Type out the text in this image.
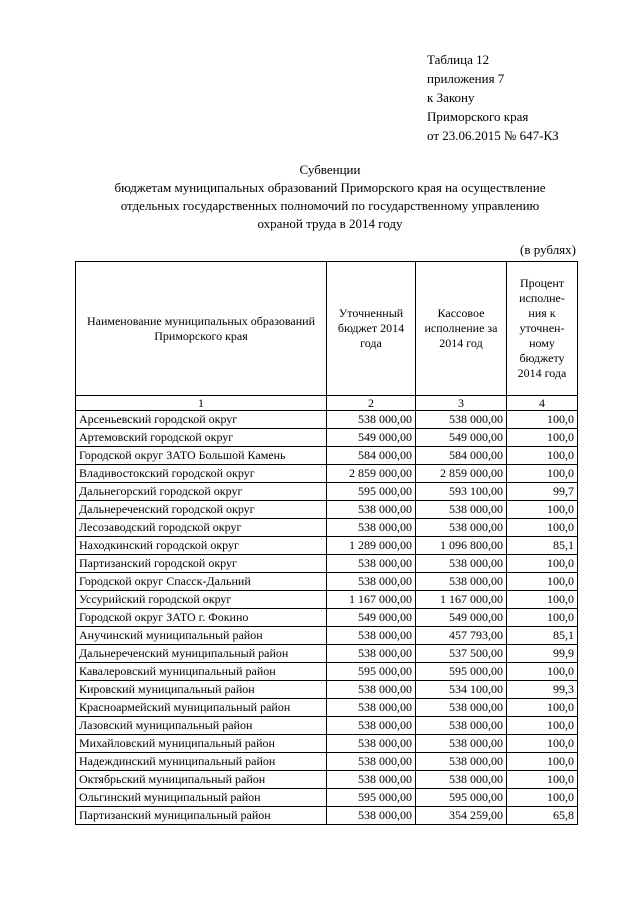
Таблица 12
приложения 7
к Закону
Приморского края
от 23.06.2015 № 647-КЗ
Субвенции
бюджетам муниципальных образований Приморского края на осуществление
отдельных государственных полномочий по государственному управлению
охраной труда в 2014 году
(в рублях)
Наименование муниципальных образований Приморского края	Уточненный бюджет 2014 года	Кассовое исполнение за 2014 год	Процент исполне-ния к уточнен-ному бюджету 2014 года
1	2	3	4
Арсеньевский городской округ	538 000,00	538 000,00	100,0
Артемовский городской округ	549 000,00	549 000,00	100,0
Городской округ ЗАТО Большой Камень	584 000,00	584 000,00	100,0
Владивостокский городской округ	2 859 000,00	2 859 000,00	100,0
Дальнегорский городской округ	595 000,00	593 100,00	99,7
Дальнереченский городской округ	538 000,00	538 000,00	100,0
Лесозаводский городской округ	538 000,00	538 000,00	100,0
Находкинский городской округ	1 289 000,00	1 096 800,00	85,1
Партизанский городской округ	538 000,00	538 000,00	100,0
Городской округ Спасск-Дальний	538 000,00	538 000,00	100,0
Уссурийский городской округ	1 167 000,00	1 167 000,00	100,0
Городской округ ЗАТО г. Фокино	549 000,00	549 000,00	100,0
Анучинский муниципальный район	538 000,00	457 793,00	85,1
Дальнереченский муниципальный район	538 000,00	537 500,00	99,9
Кавалеровский муниципальный район	595 000,00	595 000,00	100,0
Кировский муниципальный район	538 000,00	534 100,00	99,3
Красноармейский муниципальный район	538 000,00	538 000,00	100,0
Лазовский муниципальный район	538 000,00	538 000,00	100,0
Михайловский муниципальный район	538 000,00	538 000,00	100,0
Надеждинский муниципальный район	538 000,00	538 000,00	100,0
Октябрьский муниципальный район	538 000,00	538 000,00	100,0
Ольгинский муниципальный район	595 000,00	595 000,00	100,0
Партизанский муниципальный район	538 000,00	354 259,00	65,8
